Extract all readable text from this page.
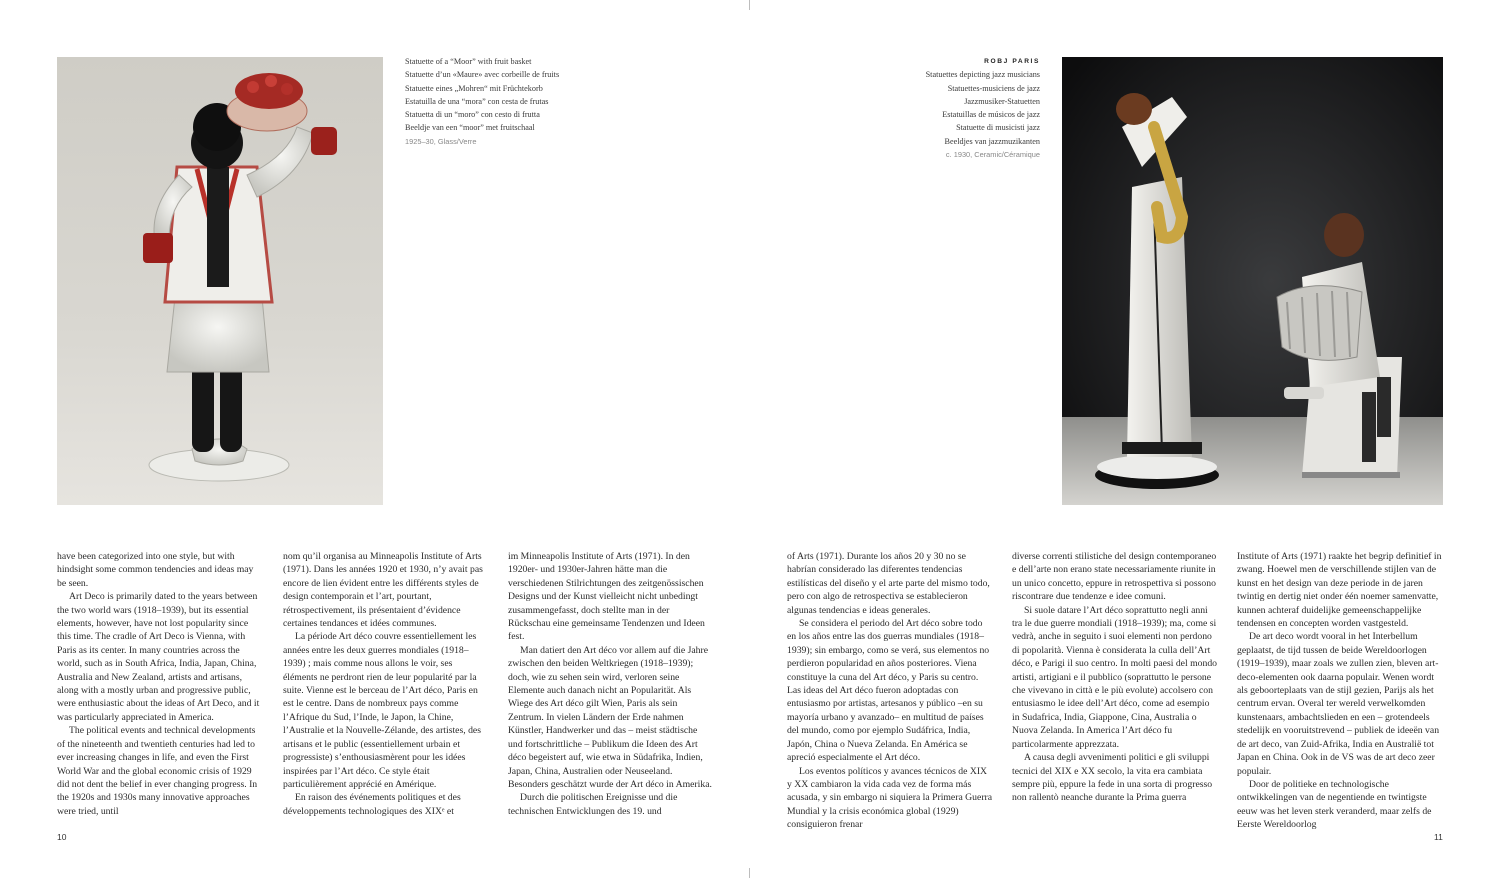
Statuette of a “Moor” with fruit basket
Statuette d’un «Maure» avec corbeille de fruits
Statuette eines „Mohren“ mit Früchtekorb
Estatuilla de una “mora” con cesta de frutas
Statuetta di un “moro” con cesto di frutta
Beeldje van een “moor” met fruitschaal
1925–30, Glass/Verre
ROBJ PARIS
Statuettes depicting jazz musicians
Statuettes-musiciens de jazz
Jazzmusiker-Statuetten
Estatuillas de músicos de jazz
Statuette di musicisti jazz
Beeldjes van jazzmuzikanten
c. 1930, Ceramic/Céramique

have been categorized into one style, but with hindsight some common tendencies and ideas may be seen.

Art Deco is primarily dated to the years between the two world wars (1918–1939), but its essential elements, however, have not lost popularity since this time. The cradle of Art Deco is Vienna, with Paris as its center. In many countries across the world, such as in South Africa, India, Japan, China, Australia and New Zealand, artists and artisans, along with a mostly urban and progressive public, were enthusiastic about the ideas of Art Deco, and it was particularly appreciated in America.

The political events and technical developments of the nineteenth and twentieth centuries had led to ever increasing changes in life, and even the First World War and the global economic crisis of 1929 did not dent the belief in ever changing progress. In the 1920s and 1930s many innovative approaches were tried, until

nom qu’il organisa au Minneapolis Institute of Arts (1971). Dans les années 1920 et 1930, n’y avait pas encore de lien évident entre les différents styles de design contemporain et l’art, pourtant, rétrospectivement, ils présentaient d’évidence certaines tendances et idées communes.

La période Art déco couvre essentiellement les années entre les deux guerres mondiales (1918–1939) ; mais comme nous allons le voir, ses éléments ne perdront rien de leur popularité par la suite. Vienne est le berceau de l’Art déco, Paris en est le centre. Dans de nombreux pays comme l’Afrique du Sud, l’Inde, le Japon, la Chine, l’Australie et la Nouvelle-Zélande, des artistes, des artisans et le public (essentiellement urbain et progressiste) s’enthousiasmèrent pour les idées inspirées par l’Art déco. Ce style était particulièrement apprécié en Amérique.

En raison des événements politiques et des développements technologiques des XIXᵉ et

im Minneapolis Institute of Arts (1971). In den 1920er- und 1930er-Jahren hätte man die verschiedenen Stilrichtungen des zeitgenössischen Designs und der Kunst vielleicht nicht unbedingt zusammengefasst, doch stellte man in der Rückschau eine gemeinsame Tendenzen und Ideen fest.

Man datiert den Art déco vor allem auf die Jahre zwischen den beiden Weltkriegen (1918–1939); doch, wie zu sehen sein wird, verloren seine Elemente auch danach nicht an Popularität. Als Wiege des Art déco gilt Wien, Paris als sein Zentrum. In vielen Ländern der Erde nahmen Künstler, Handwerker und das – meist städtische und fortschrittliche – Publikum die Ideen des Art déco begeistert auf, wie etwa in Südafrika, Indien, Japan, China, Australien oder Neuseeland. Besonders geschätzt wurde der Art déco in Amerika.

Durch die politischen Ereignisse und die technischen Entwicklungen des 19. und

of Arts (1971). Durante los años 20 y 30 no se habrían considerado las diferentes tendencias estilísticas del diseño y el arte parte del mismo todo, pero con algo de retrospectiva se establecieron algunas tendencias e ideas generales.

Se considera el periodo del Art déco sobre todo en los años entre las dos guerras mundiales (1918–1939); sin embargo, como se verá, sus elementos no perdieron popularidad en años posteriores. Viena constituye la cuna del Art déco, y Paris su centro. Las ideas del Art déco fueron adoptadas con entusiasmo por artistas, artesanos y público –en su mayoría urbano y avanzado– en multitud de países del mundo, como por ejemplo Sudáfrica, India, Japón, China o Nueva Zelanda. En América se apreció especialmente el Art déco.

Los eventos políticos y avances técnicos de XIX y XX cambiaron la vida cada vez de forma más acusada, y sin embargo ni siquiera la Primera Guerra Mundial y la crisis económica global (1929) consiguieron frenar

diverse correnti stilistiche del design contemporaneo e dell’arte non erano state necessariamente riunite in un unico concetto, eppure in retrospettiva si possono riscontrare due tendenze e idee comuni.

Si suole datare l’Art déco soprattutto negli anni tra le due guerre mondiali (1918–1939); ma, come si vedrà, anche in seguito i suoi elementi non perdono di popolarità. Vienna è considerata la culla dell’Art déco, e Parigi il suo centro. In molti paesi del mondo artisti, artigiani e il pubblico (soprattutto le persone che vivevano in città e le più evolute) accolsero con entusiasmo le idee dell’Art déco, come ad esempio in Sudafrica, India, Giappone, Cina, Australia o Nuova Zelanda. In America l’Art déco fu particolarmente apprezzata.

A causa degli avvenimenti politici e gli sviluppi tecnici del XIX e XX secolo, la vita era cambiata sempre più, eppure la fede in una sorta di progresso non rallentò neanche durante la Prima guerra

Institute of Arts (1971) raakte het begrip definitief in zwang. Hoewel men de verschillende stijlen van de kunst en het design van deze periode in de jaren twintig en dertig niet onder één noemer samenvatte, kunnen achteraf duidelijke gemeenschappelijke tendensen en concepten worden vastgesteld.

De art deco wordt vooral in het Interbellum geplaatst, de tijd tussen de beide Wereldoorlogen (1919–1939), maar zoals we zullen zien, bleven art-deco-elementen ook daarna populair. Wenen wordt als geboorteplaats van de stijl gezien, Parijs als het centrum ervan. Overal ter wereld verwelkomden kunstenaars, ambachtslieden en een – grotendeels stedelijk en vooruitstrevend – publiek de ideeën van de art deco, van Zuid-Afrika, India en Australië tot Japan en China. Ook in de VS was de art deco zeer populair.

Door de politieke en technologische ontwikkelingen van de negentiende en twintigste eeuw was het leven sterk veranderd, maar zelfs de Eerste Wereldoorlog

10	11
